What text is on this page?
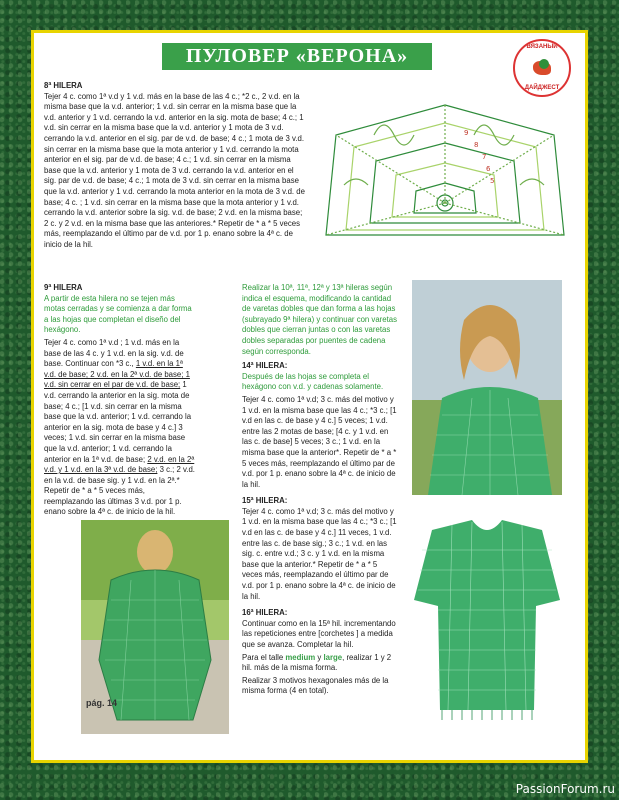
ПУЛОВЕР «ВЕРОНА»	ВЯЗАНЫЙ
ДАЙДЖЕСТ
8ª HILERA

Tejer 4 c. como 1ª v.d y 1 v.d. más en la base de las 4 c.; *2 c., 2 v.d. en la misma base que la v.d. anterior; 1 v.d. sin cerrar en la misma base que la v.d. anterior y 1 v.d. cerrando la v.d. anterior en la sig. mota de base; 4 c.; 1 v.d. sin cerrar en la misma base que la v.d. anterior y 1 mota de 3 v.d. cerrando la v.d. anterior en el sig. par de v.d. de base; 4 c.; 1 mota de 3 v.d. sin cerrar en la misma base que la mota anterior y 1 v.d. cerrando la mota anterior en el sig. par de v.d. de base; 4 c.; 1 v.d. sin cerrar en la misma base que la v.d. anterior y 1 mota de 3 v.d. cerrando la v.d. anterior en el sig. par de v.d. de base; 4 c.; 1 mota de 3 v.d. sin cerrar en la misma base que la v.d. anterior y 1 v.d. cerrando la mota anterior en la mota de 3 v.d. de base; 4 c. ; 1 v.d. sin cerrar en la misma base que la mota anterior y 1 v.d. cerrando la v.d. anterior sobre la sig. v.d. de base; 2 v.d. en la misma base; 2 c. y 2 v.d. en la misma base que las anteriores.* Repetir de * a * 5 veces más, reemplazando el último par de v.d. por 1 p. enano sobre la 4ª c. de inicio de la hil.

9
8
7
6
5
9ª HILERA

A partir de esta hilera no se tejen más motas cerradas y se comienza a dar forma a las hojas que completan el diseño del hexágono.

Tejer 4 c. como 1ª v.d ; 1 v.d. más en la base de las 4 c. y 1 v.d. en la sig. v.d. de base. Continuar con *3 c., 1 v.d. en la 1ª v.d. de base; 2 v.d. en la 2ª v.d. de base; 1 v.d. sin cerrar en el par de v.d. de base; 1 v.d. cerrando la anterior en la sig. mota de base; 4 c.; [1 v.d. sin cerrar en la misma base que la v.d. anterior; 1 v.d. cerrando la anterior en la sig. mota de base y 4 c.] 3 veces; 1 v.d. sin cerrar en la misma base que la v.d. anterior; 1 v.d. cerrando la anterior en la 1ª v.d. de base; 2 v.d. en la 2ª v.d. y 1 v.d. en la 3ª v.d. de base; 3 c.; 2 v.d. en la v.d. de base sig. y 1 v.d. en la 2ª.* Repetir de * a * 5 veces más, reemplazando las últimas 3 v.d. por 1 p. enano sobre la 4ª c. de inicio de la hil.

Realizar la 10ª, 11ª, 12ª y 13ª hileras según indica el esquema, modificando la cantidad de varetas dobles que dan forma a las hojas (subrayado 9ª hilera) y continuar con varetas dobles que cierran juntas o con las varetas dobles separadas por puentes de cadena según corresponda.

14ª HILERA:

Después de las hojas se completa el hexágono con v.d. y cadenas solamente.

Tejer 4 c. como 1ª v.d; 3 c. más del motivo y 1 v.d. en la misma base que las 4 c.; *3 c.; [1 v.d en las c. de base y 4 c.] 5 veces; 1 v.d. entre las 2 motas de base; [4 c. y 1 v.d. en las c. de base] 5 veces; 3 c.; 1 v.d. en la misma base que la anterior*. Repetir de * a * 5 veces más, reemplazando el último par de v.d. por 1 p. enano sobre la 4ª c. de inicio de la hil.

15ª HILERA:

Tejer 4 c. como 1ª v.d; 3 c. más del motivo y 1 v.d. en la misma base que las 4 c.; *3 c.; [1 v.d en las c. de base y 4 c.] 11 veces, 1 v.d. entre las c. de base sig.; 3 c.; 1 v.d. en las sig. c. entre v.d.; 3 c. y 1 v.d. en la misma base que la anterior.* Repetir de * a * 5 veces más, reemplazando el último par de v.d. por 1 p. enano sobre la 4ª c. de inicio de la hil.

16ª HILERA:

Continuar como en la 15ª hil. incrementando las repeticiones entre [corchetes ] a medida que se avanza. Completar la hil.

Para el talle medium y large, realizar 1 y 2 hil. más de la misma forma.

Realizar 3 motivos hexagonales más de la misma forma (4 en total).

pág. 14
PassionForum.ru
